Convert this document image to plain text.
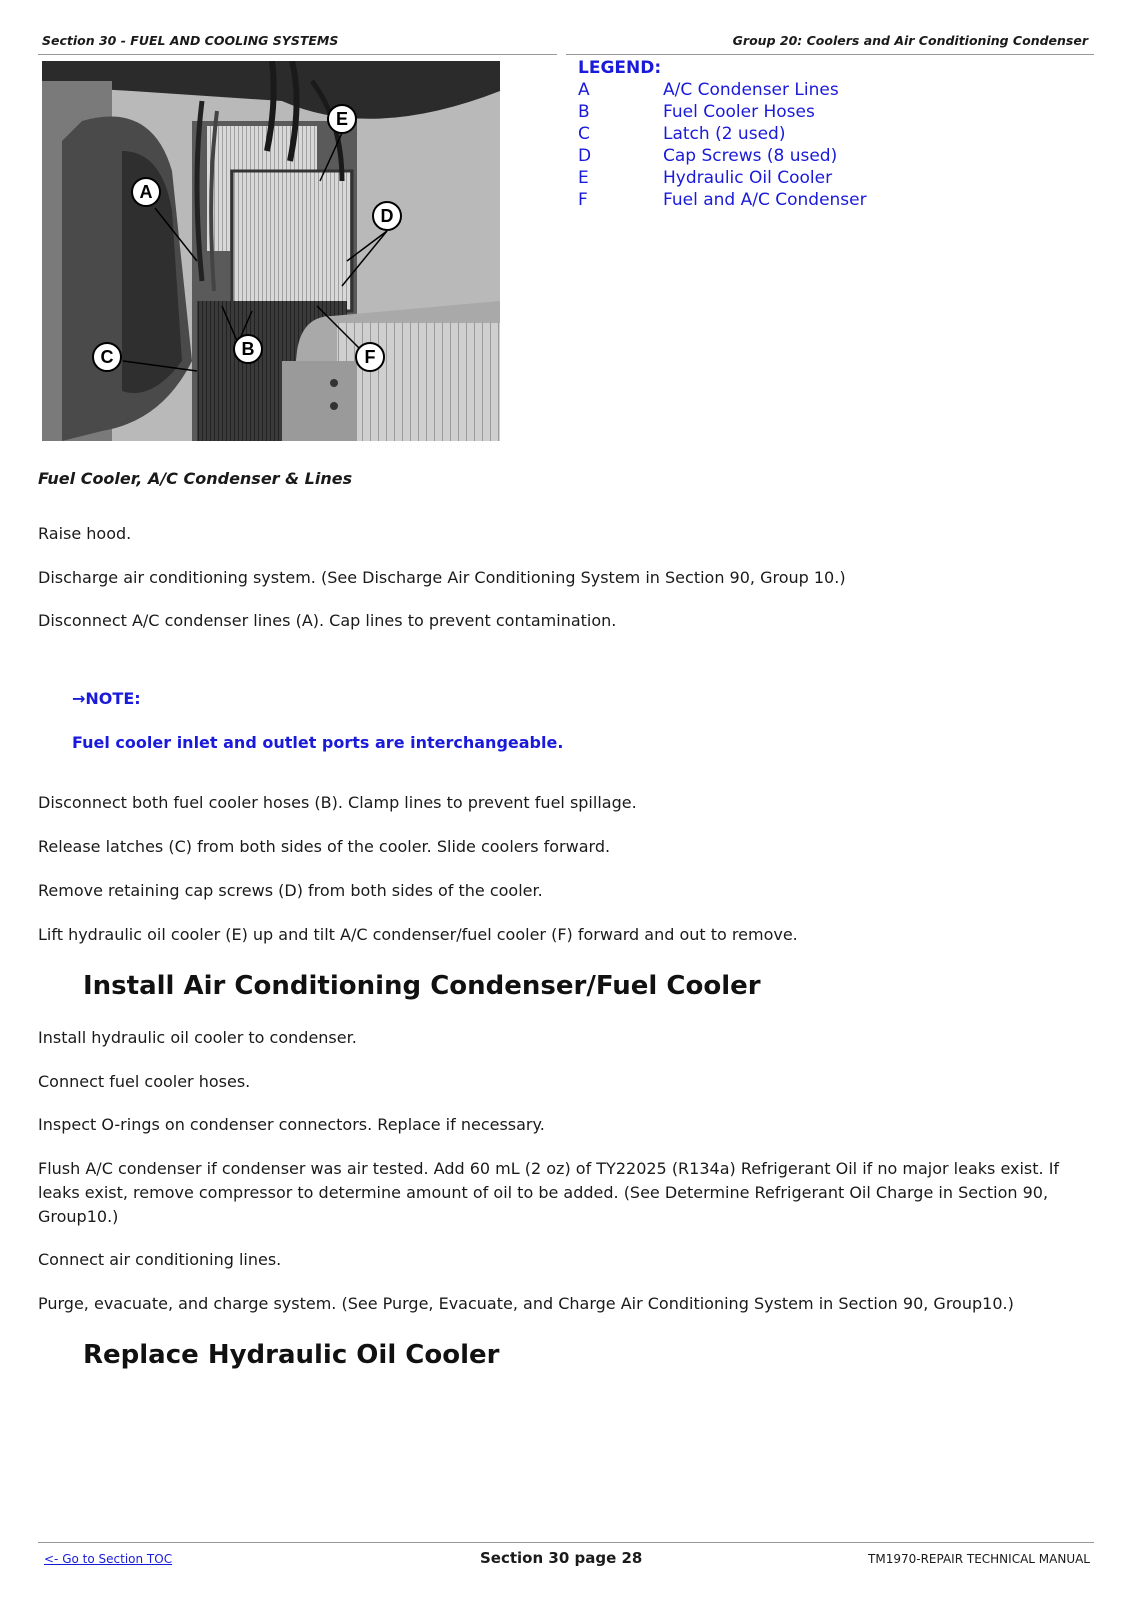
Section 30 - FUEL AND COOLING SYSTEMS	Group 20: Coolers and Air Conditioning Condenser
E
A
D
B
C	F
LEGEND:
A	A/C Condenser Lines
B	Fuel Cooler Hoses
C	Latch (2 used)
D	Cap Screws (8 used)
E	Hydraulic Oil Cooler
F	Fuel and A/C Condenser
Fuel Cooler, A/C Condenser & Lines
Raise hood.
Discharge air conditioning system. (See Discharge Air Conditioning System in Section 90, Group 10.)
Disconnect A/C condenser lines (A). Cap lines to prevent contamination.
→NOTE:
Fuel cooler inlet and outlet ports are interchangeable.
Disconnect both fuel cooler hoses (B). Clamp lines to prevent fuel spillage.
Release latches (C) from both sides of the cooler. Slide coolers forward.
Remove retaining cap screws (D) from both sides of the cooler.
Lift hydraulic oil cooler (E) up and tilt A/C condenser/fuel cooler (F) forward and out to remove.
Install Air Conditioning Condenser/Fuel Cooler
Install hydraulic oil cooler to condenser.
Connect fuel cooler hoses.
Inspect O-rings on condenser connectors. Replace if necessary.
Flush A/C condenser if condenser was air tested. Add 60 mL (2 oz) of TY22025 (R134a) Refrigerant Oil if no major leaks exist. If leaks exist, remove compressor to determine amount of oil to be added. (See Determine Refrigerant Oil Charge in Section 90, Group10.)
Connect air conditioning lines.
Purge, evacuate, and charge system. (See Purge, Evacuate, and Charge Air Conditioning System in Section 90, Group10.)
Replace Hydraulic Oil Cooler
<- Go to Section TOC	Section 30 page 28	TM1970-REPAIR TECHNICAL MANUAL
